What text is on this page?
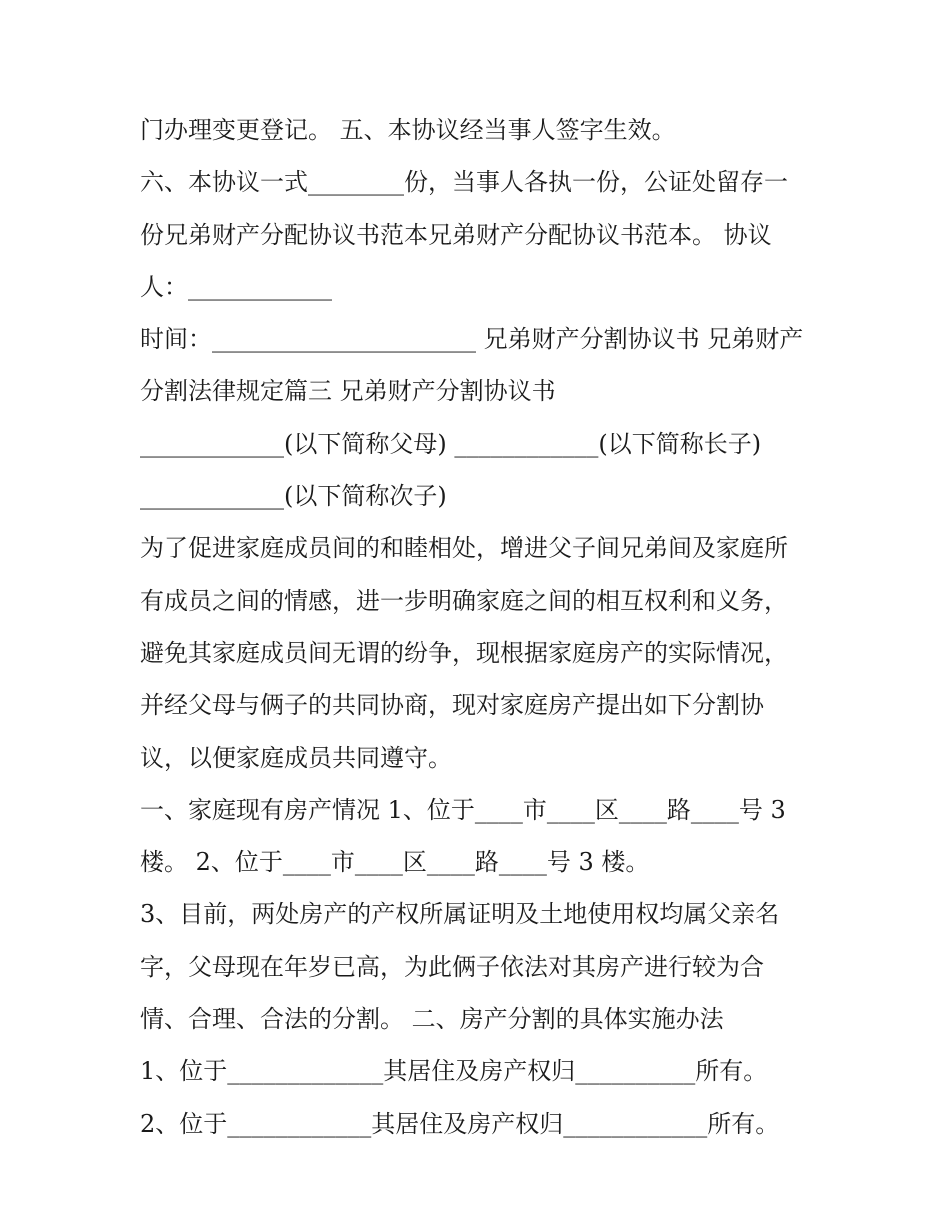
门办理变更登记。 五、本协议经当事人签字生效。
六、本协议一式________份，当事人各执一份，公证处留存一
份兄弟财产分配协议书范本兄弟财产分配协议书范本。 协议
人：____________
时间：______________________ 兄弟财产分割协议书 兄弟财产
分割法律规定篇三 兄弟财产分割协议书
____________(以下简称父母) ____________(以下简称长子)
____________(以下简称次子)
为了促进家庭成员间的和睦相处，增进父子间兄弟间及家庭所
有成员之间的情感，进一步明确家庭之间的相互权利和义务，
避免其家庭成员间无谓的纷争，现根据家庭房产的实际情况，
并经父母与俩子的共同协商，现对家庭房产提出如下分割协
议，以便家庭成员共同遵守。
一、家庭现有房产情况 1、位于____市____区____路____号 3
楼。 2、位于____市____区____路____号 3 楼。
3、目前，两处房产的产权所属证明及土地使用权均属父亲名
字，父母现在年岁已高，为此俩子依法对其房产进行较为合
情、合理、合法的分割。 二、房产分割的具体实施办法
1、位于_____________其居住及房产权归__________所有。
2、位于____________其居住及房产权归____________所有。
